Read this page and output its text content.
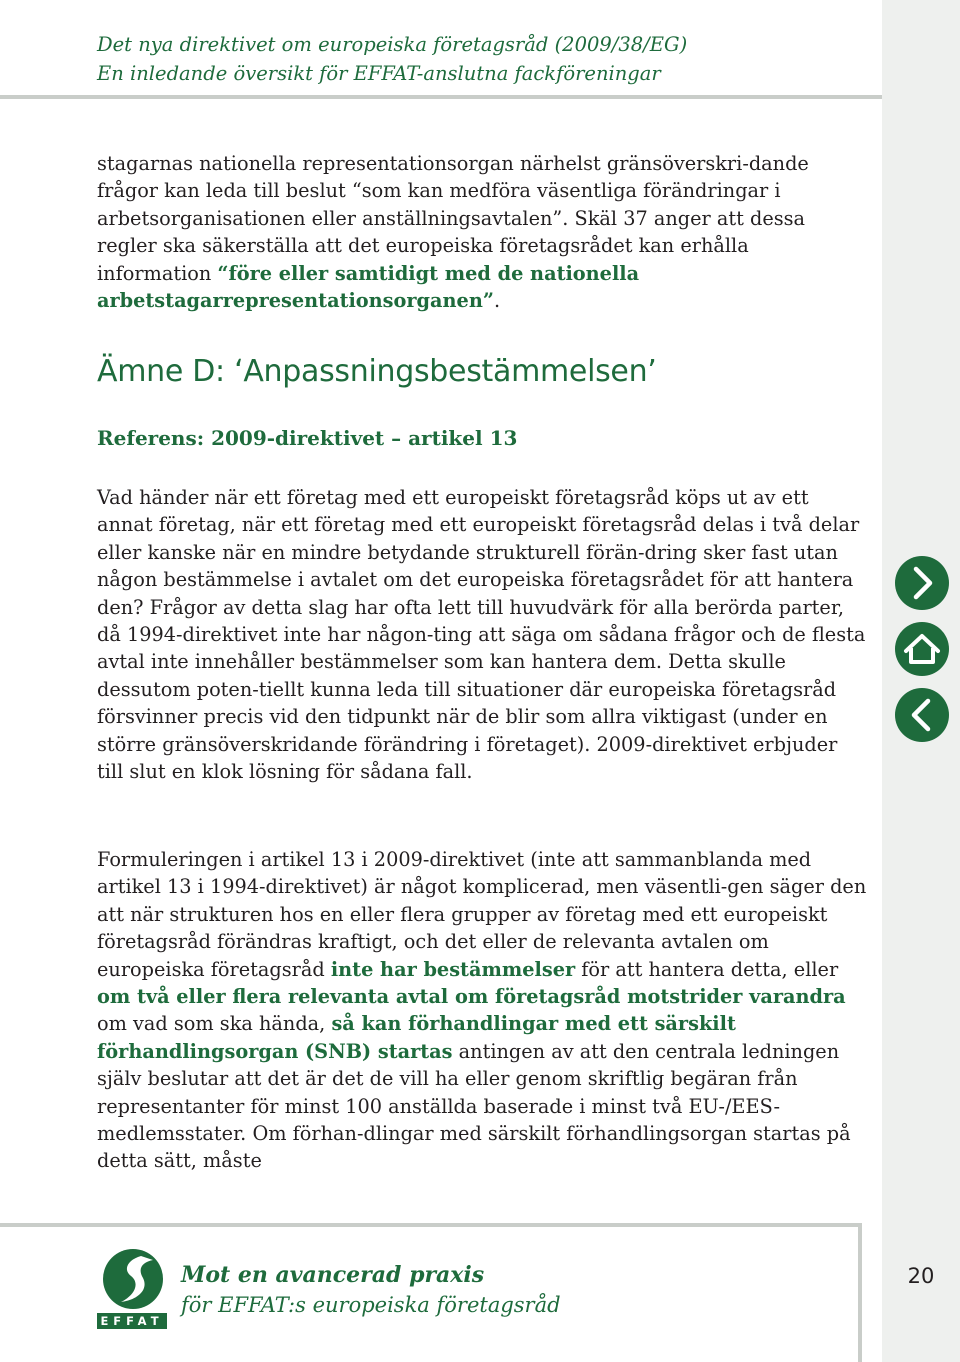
Det nya direktivet om europeiska företagsråd (2009/38/EG)
En inledande översikt för EFFAT-anslutna fackföreningar

stagarnas nationella representationsorgan närhelst gränsöverskri-dande frågor kan leda till beslut “som kan medföra väsentliga förändringar i arbetsorganisationen eller anställningsavtalen”. Skäl 37 anger att dessa regler ska säkerställa att det europeiska företagsrådet kan erhålla information “före eller samtidigt med de nationella arbetstagarrepresentationsorganen”.

Ämne D: ‘Anpassningsbestämmelsen’
Referens: 2009-direktivet – artikel 13

Vad händer när ett företag med ett europeiskt företagsråd köps ut av ett annat företag, när ett företag med ett europeiskt företagsråd delas i två delar eller kanske när en mindre betydande strukturell förän-dring sker fast utan någon bestämmelse i avtalet om det europeiska företagsrådet för att hantera den? Frågor av detta slag har ofta lett till huvudvärk för alla berörda parter, då 1994-direktivet inte har någon-ting att säga om sådana frågor och de flesta avtal inte innehåller bestämmelser som kan hantera dem. Detta skulle dessutom poten-tiellt kunna leda till situationer där europeiska företagsråd försvinner precis vid den tidpunkt när de blir som allra viktigast (under en större gränsöverskridande förändring i företaget). 2009-direktivet erbjuder till slut en klok lösning för sådana fall.

Formuleringen i artikel 13 i 2009-direktivet (inte att sammanblanda med artikel 13 i 1994-direktivet) är något komplicerad, men väsentli-gen säger den att när strukturen hos en eller flera grupper av företag med ett europeiskt företagsråd förändras kraftigt, och det eller de relevanta avtalen om europeiska företagsråd inte har bestämmelser för att hantera detta, eller om två eller flera relevanta avtal om företagsråd motstrider varandra om vad som ska hända, så kan förhandlingar med ett särskilt förhandlingsorgan (SNB) startas antingen av att den centrala ledningen själv beslutar att det är det de vill ha eller genom skriftlig begäran från representanter för minst 100 anställda baserade i minst två EU-/EES-medlemsstater. Om förhan-dlingar med särskilt förhandlingsorgan startas på detta sätt, måste

EFFAT
Mot en avancerad praxis
för EFFAT:s europeiska företagsråd
20
